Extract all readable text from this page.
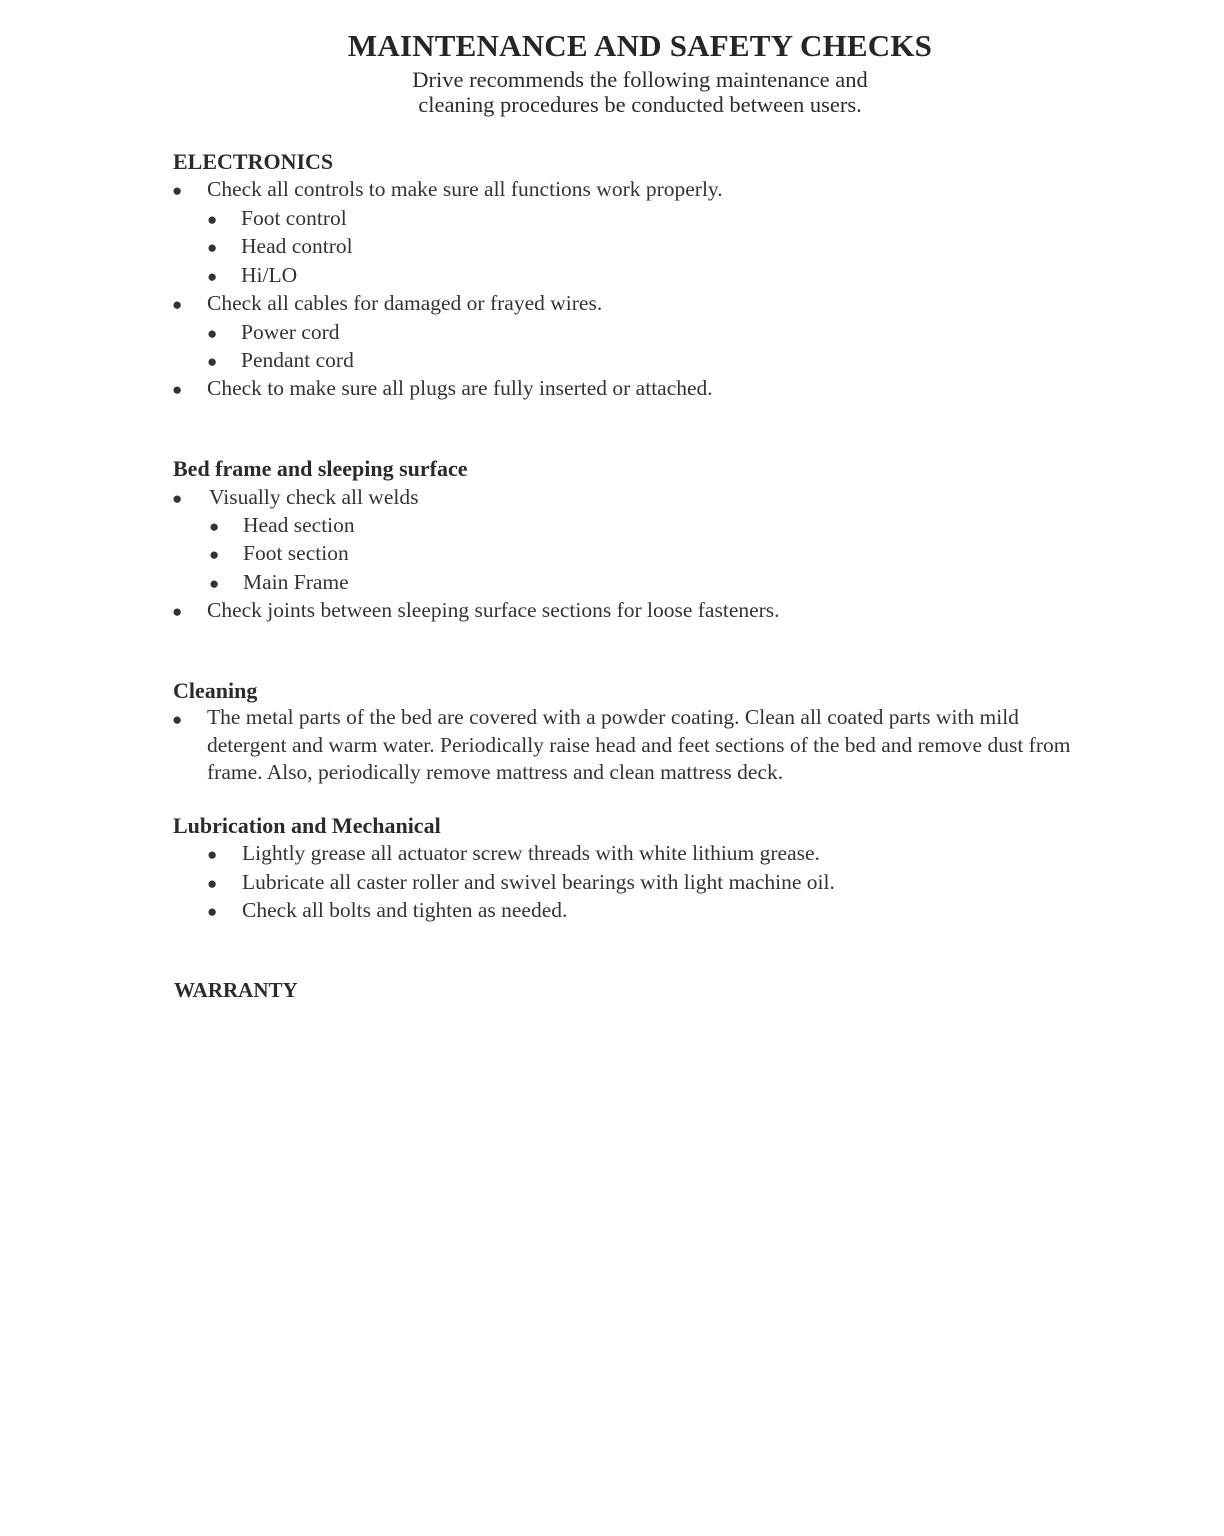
MAINTENANCE AND SAFETY CHECKS
Drive recommends the following maintenance and
cleaning procedures be conducted between users.
ELECTRONICS
● Check all controls to make sure all functions work properly.
● Foot control
● Head control
● Hi/LO
● Check all cables for damaged or frayed wires.
● Power cord
● Pendant cord
● Check to make sure all plugs are fully inserted or attached.
Bed frame and sleeping surface
● Visually check all welds
● Head section
● Foot section
● Main Frame
● Check joints between sleeping surface sections for loose fasteners.
Cleaning
● The metal parts of the bed are covered with a powder coating. Clean all coated parts with mild detergent and warm water. Periodically raise head and feet sections of the bed and remove dust from frame. Also, periodically remove mattress and clean mattress deck.
Lubrication and Mechanical
● Lightly grease all actuator screw threads with white lithium grease.
● Lubricate all caster roller and swivel bearings with light machine oil.
● Check all bolts and tighten as needed.
WARRANTY
